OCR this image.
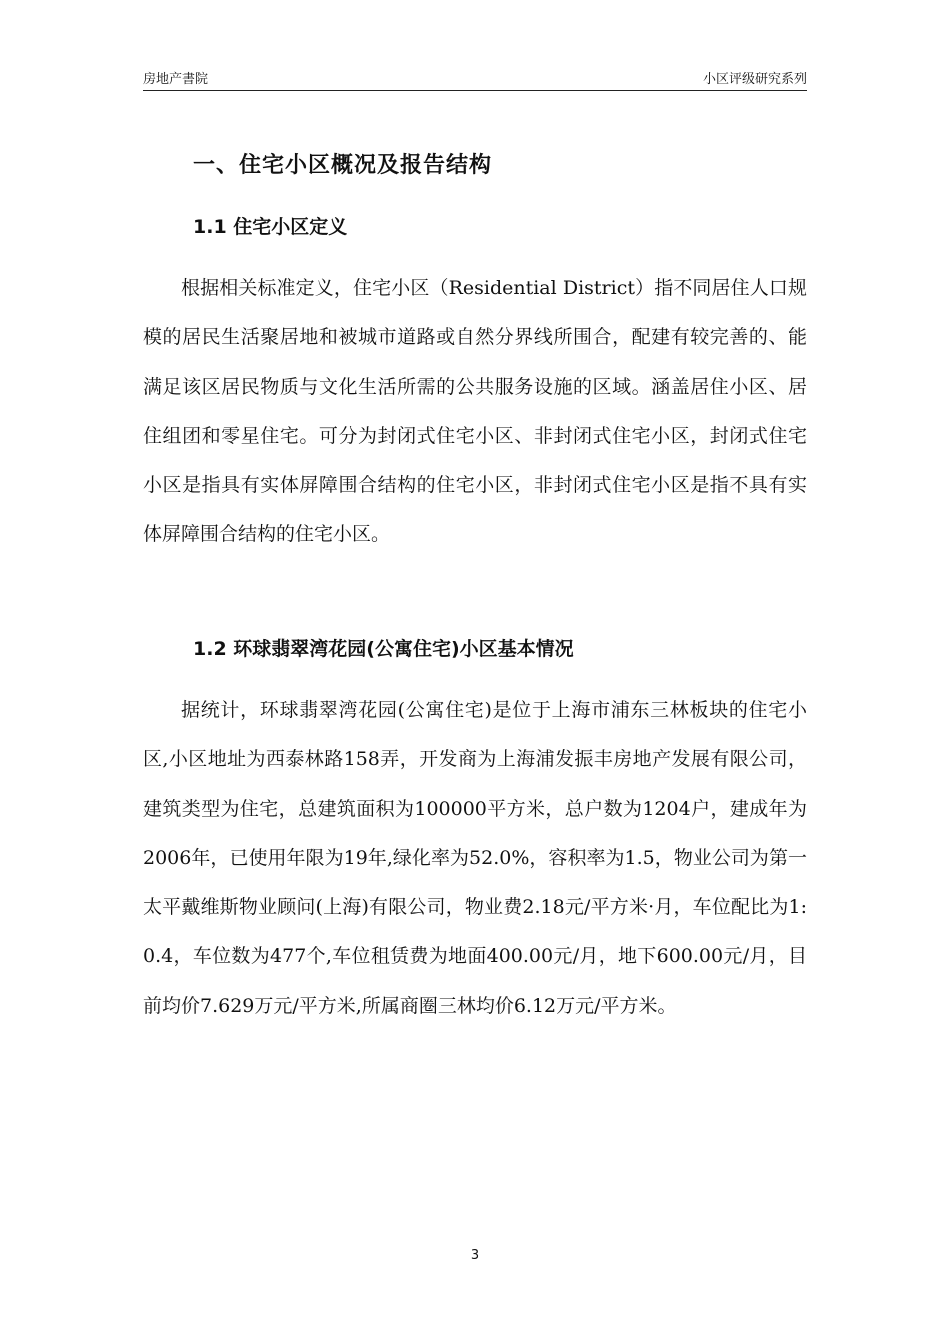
房地产書院	小区评级研究系列
一、住宅小区概况及报告结构
1.1 住宅小区定义
根据相关标准定义，住宅小区（Residential District）指不同居住人口规模的居民生活聚居地和被城市道路或自然分界线所围合，配建有较完善的、能满足该区居民物质与文化生活所需的公共服务设施的区域。涵盖居住小区、居住组团和零星住宅。可分为封闭式住宅小区、非封闭式住宅小区，封闭式住宅小区是指具有实体屏障围合结构的住宅小区，非封闭式住宅小区是指不具有实体屏障围合结构的住宅小区。
1.2 环球翡翠湾花园(公寓住宅)小区基本情况
据统计，环球翡翠湾花园(公寓住宅)是位于上海市浦东三林板块的住宅小区,小区地址为西泰林路158弄，开发商为上海浦发振丰房地产发展有限公司，建筑类型为住宅，总建筑面积为100000平方米，总户数为1204户，建成年为2006年，已使用年限为19年,绿化率为52.0%，容积率为1.5，物业公司为第一太平戴维斯物业顾问(上海)有限公司，物业费2.18元/平方米·月，车位配比为1:0.4，车位数为477个,车位租赁费为地面400.00元/月，地下600.00元/月，目前均价7.629万元/平方米,所属商圈三林均价6.12万元/平方米。
3
